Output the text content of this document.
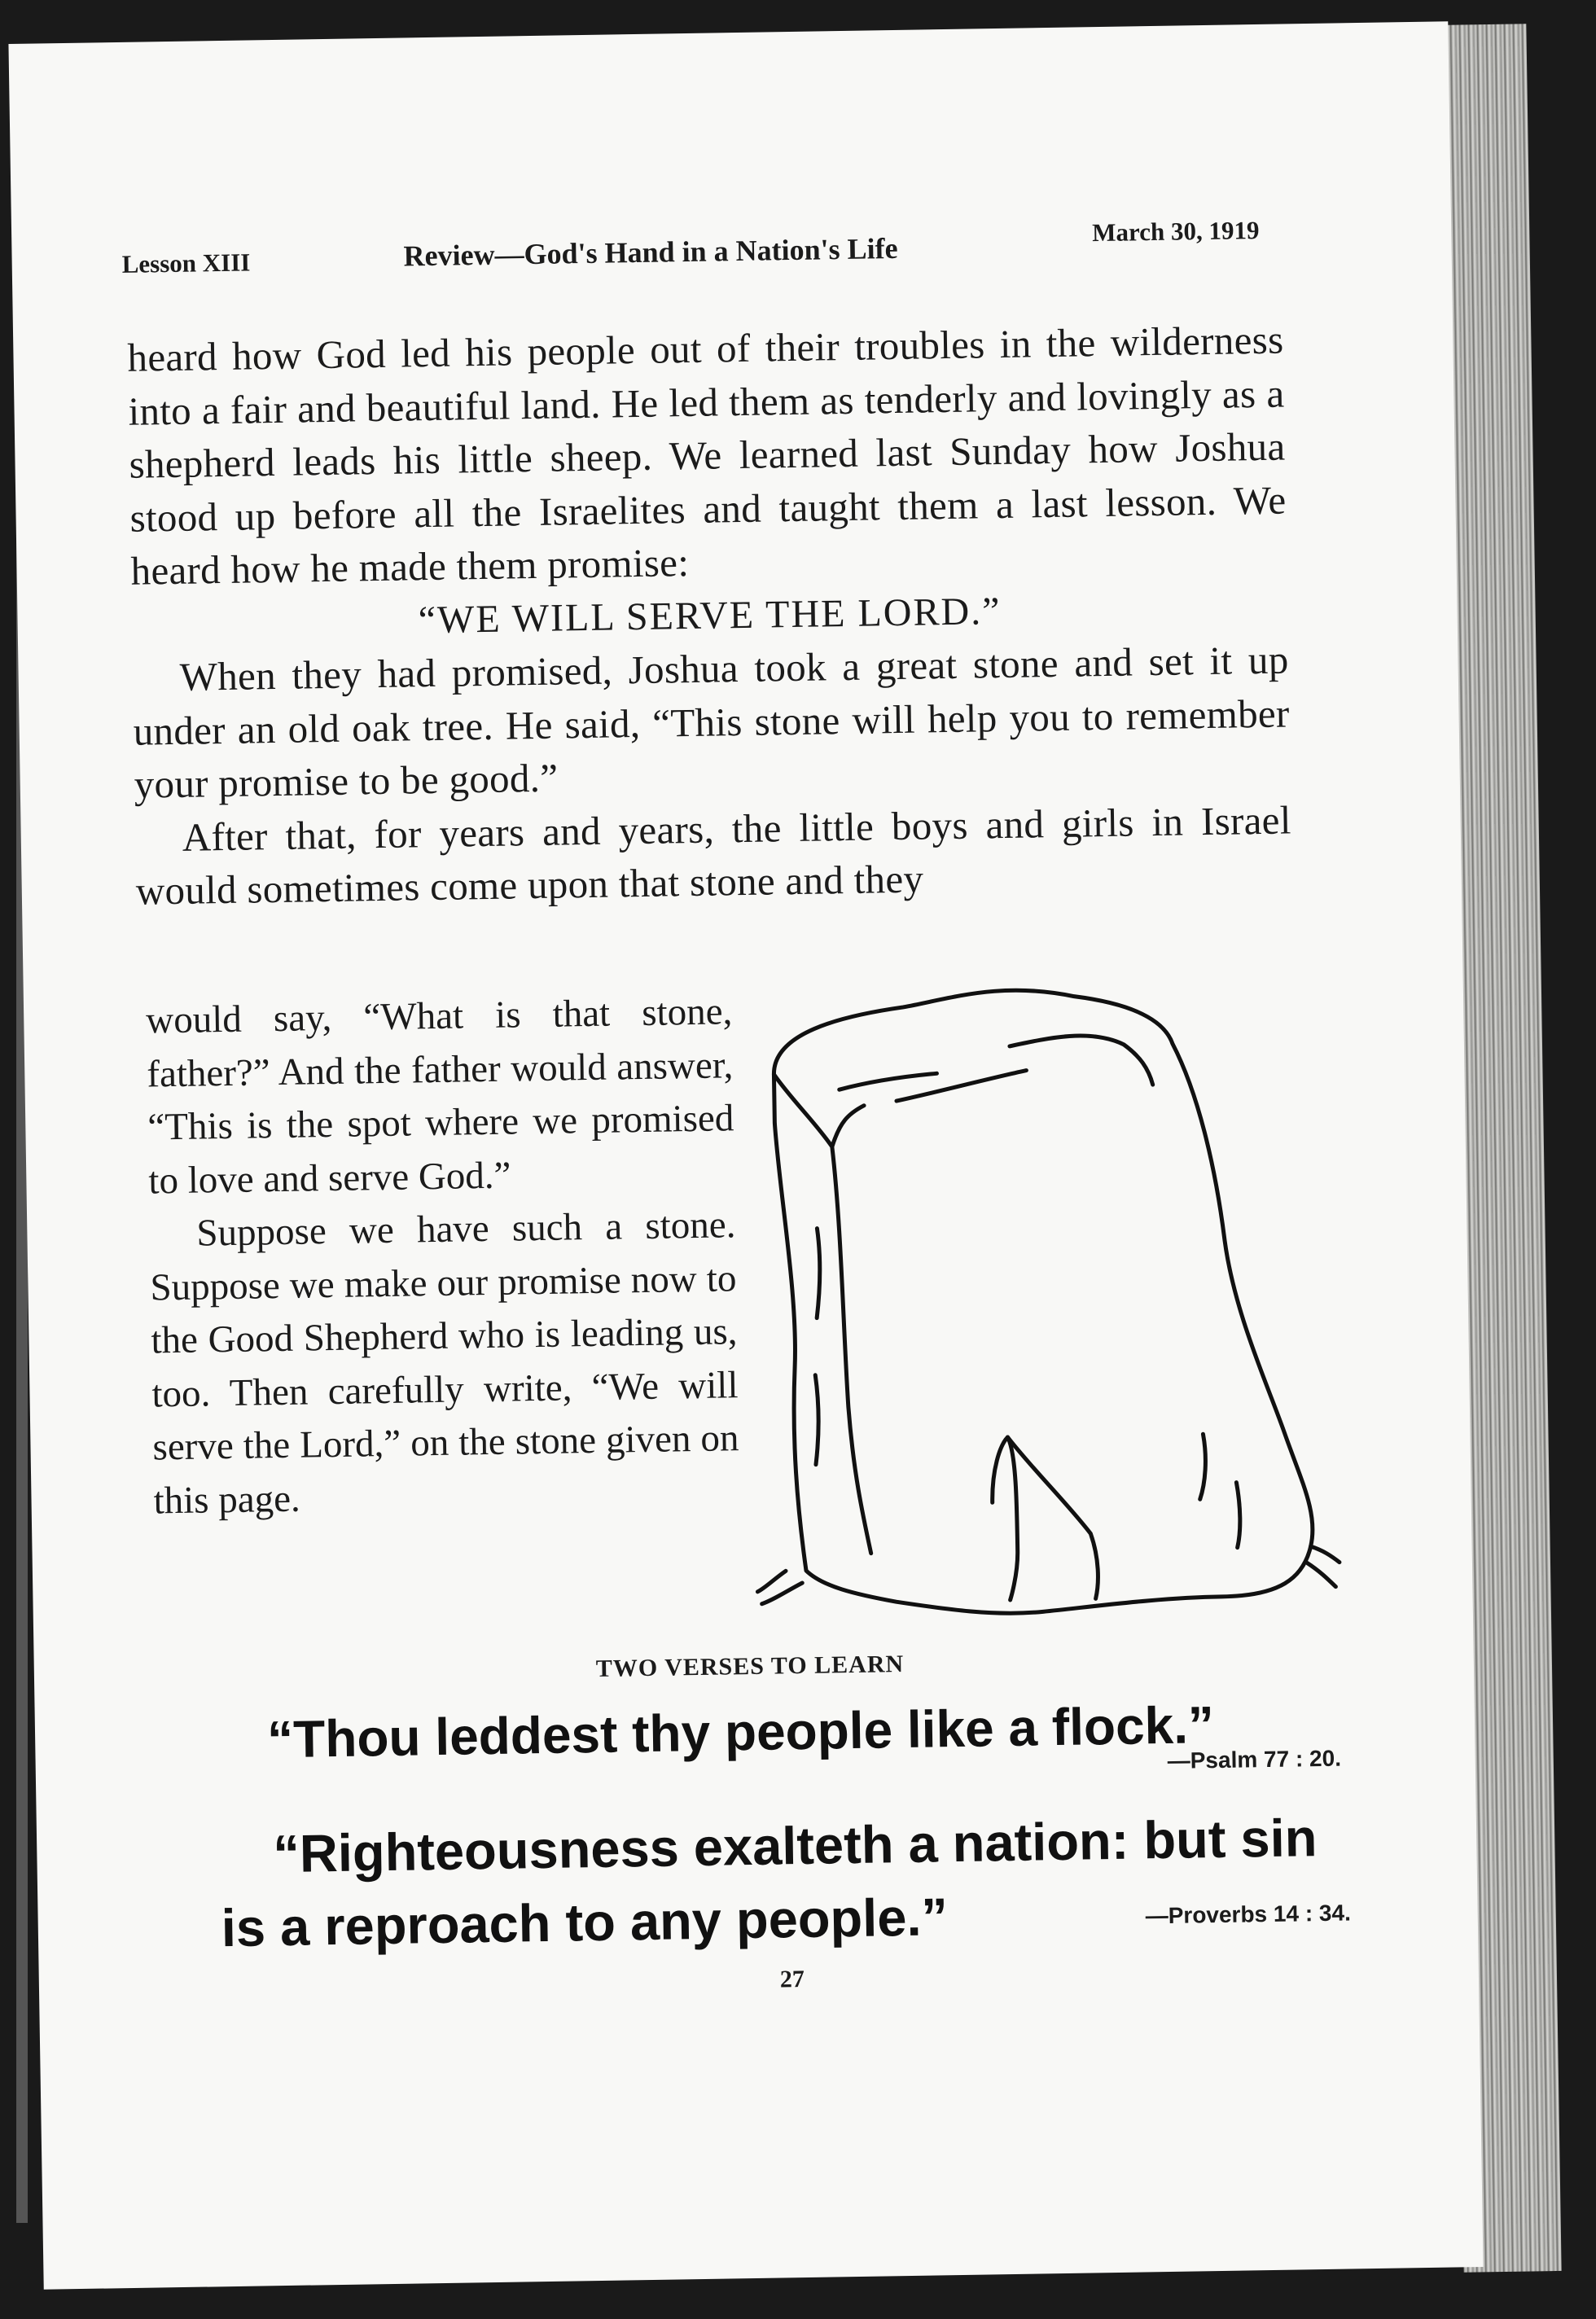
Lesson XIII	Review—God's Hand in a Nation's Life
March 30, 1919

heard how God led his people out of their troubles in the wilderness into a fair and beautiful land. He led them as tenderly and lovingly as a shepherd leads his little sheep. We learned last Sunday how Joshua stood up before all the Israelites and taught them a last lesson. We heard how he made them promise:

“WE WILL SERVE THE LORD.”

When they had promised, Joshua took a great stone and set it up under an old oak tree. He said, “This stone will help you to remember your promise to be good.”

After that, for years and years, the little boys and girls in Israel would sometimes come upon that stone and they

would say, “What is that stone, father?” And the father would answer, “This is the spot where we promised to love and serve God.”

Suppose we have such a stone. Suppose we make our promise now to the Good Shepherd who is leading us, too. Then carefully write, “We will serve the Lord,” on the stone given on this page.

TWO VERSES TO LEARN
“Thou leddest thy people like a flock.”
—Psalm 77 : 20.
“Righteousness exalteth a nation: but sin
is a reproach to any people.”	—Proverbs 14 : 34.
27
